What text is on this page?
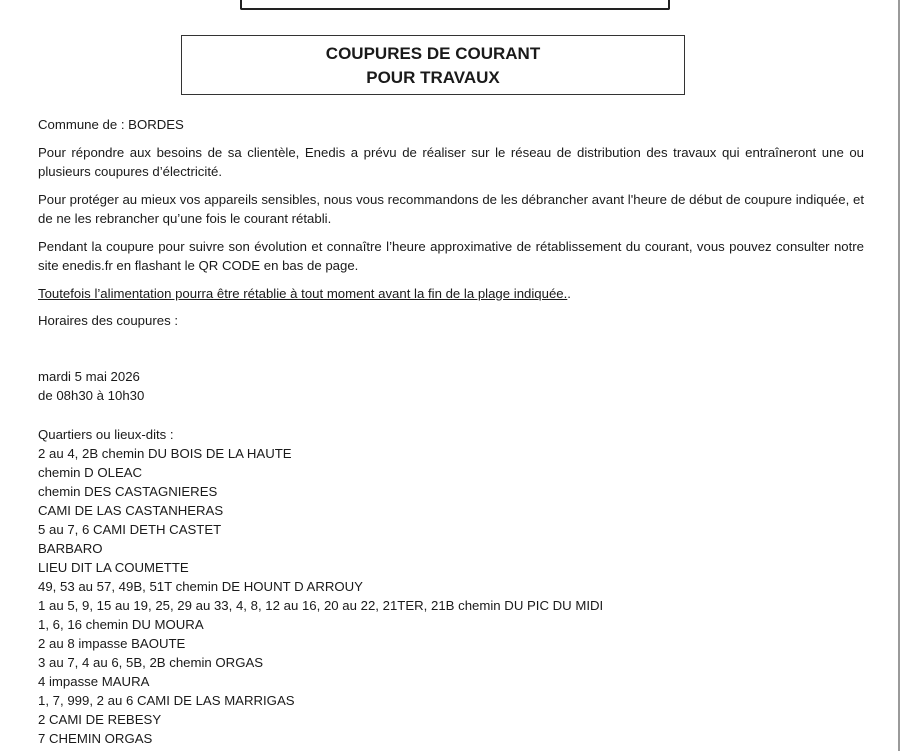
COUPURES DE COURANT

POUR TRAVAUX

Commune de : BORDES

Pour répondre aux besoins de sa clientèle, Enedis a prévu de réaliser sur le réseau de distribution des travaux qui entraîneront une ou plusieurs coupures d’électricité.

Pour protéger au mieux vos appareils sensibles, nous vous recommandons de les débrancher avant l'heure de début de coupure indiquée, et de ne les rebrancher qu’une fois le courant rétabli.

Pendant la coupure pour suivre son évolution et connaître l’heure approximative de rétablissement du courant, vous pouvez consulter notre site enedis.fr en flashant le QR CODE en bas de page.

Toutefois l’alimentation pourra être rétablie à tout moment avant la fin de la plage indiquée..

Horaires des coupures :

mardi 5 mai 2026

de 08h30 à 10h30

Quartiers ou lieux-dits :

2 au 4, 2B chemin DU BOIS DE LA HAUTE

chemin D OLEAC

chemin DES CASTAGNIERES

CAMI DE LAS CASTANHERAS

5 au 7, 6 CAMI DETH CASTET

BARBARO

LIEU DIT LA COUMETTE

49, 53 au 57, 49B, 51T chemin DE HOUNT D ARROUY

1 au 5, 9, 15 au 19, 25, 29 au 33, 4, 8, 12 au 16, 20 au 22, 21TER, 21B chemin DU PIC DU MIDI

1, 6, 16 chemin DU MOURA

2 au 8 impasse BAOUTE

3 au 7, 4 au 6, 5B, 2B chemin ORGAS

4 impasse MAURA

1, 7, 999, 2 au 6 CAMI DE LAS MARRIGAS

2 CAMI DE REBESY

7 CHEMIN ORGAS
